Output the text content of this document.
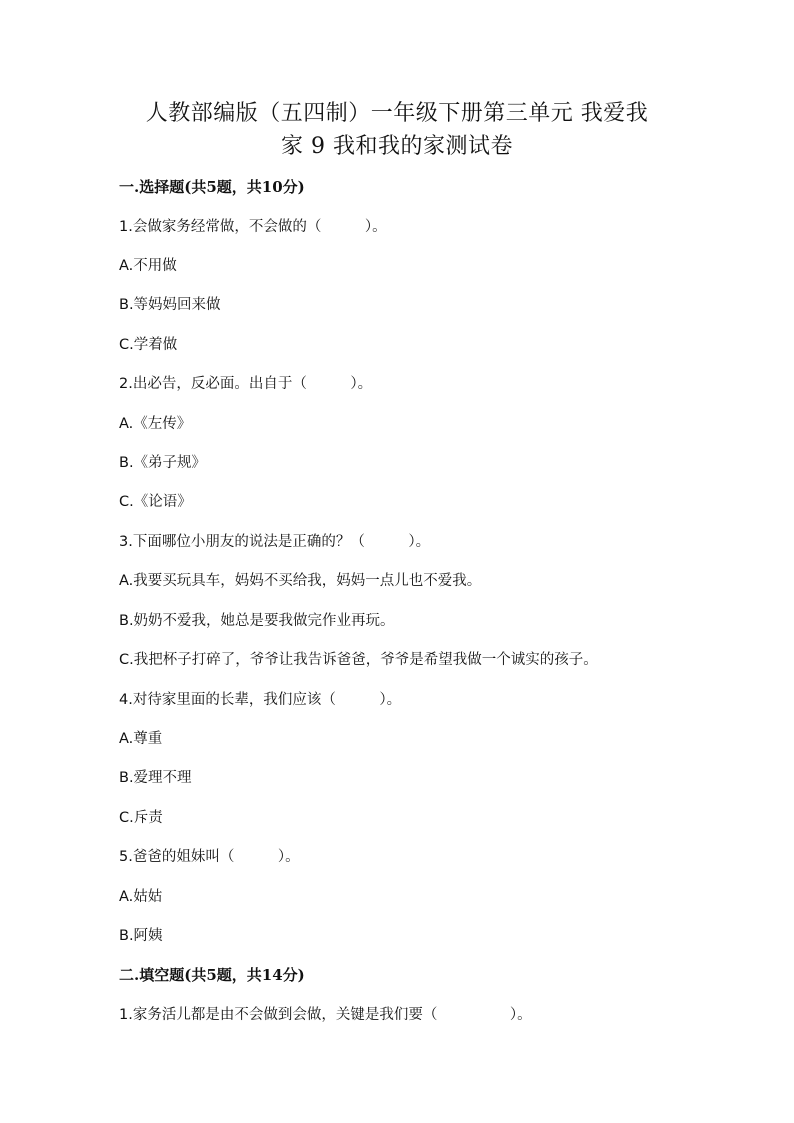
人教部编版（五四制）一年级下册第三单元 我爱我
家 9 我和我的家测试卷

一.选择题(共5题，共10分)

1.会做家务经常做，不会做的（　　　）。

A.不用做

B.等妈妈回来做

C.学着做

2.出必告，反必面。出自于（　　　）。

A.《左传》

B.《弟子规》

C.《论语》

3.下面哪位小朋友的说法是正确的？（　　　）。

A.我要买玩具车，妈妈不买给我，妈妈一点儿也不爱我。

B.奶奶不爱我，她总是要我做完作业再玩。

C.我把杯子打碎了，爷爷让我告诉爸爸，爷爷是希望我做一个诚实的孩子。

4.对待家里面的长辈，我们应该（　　　）。

A.尊重

B.爱理不理

C.斥责

5.爸爸的姐妹叫（　　　）。

A.姑姑

B.阿姨

二.填空题(共5题，共14分)

1.家务活儿都是由不会做到会做，关键是我们要（　　　　　）。
